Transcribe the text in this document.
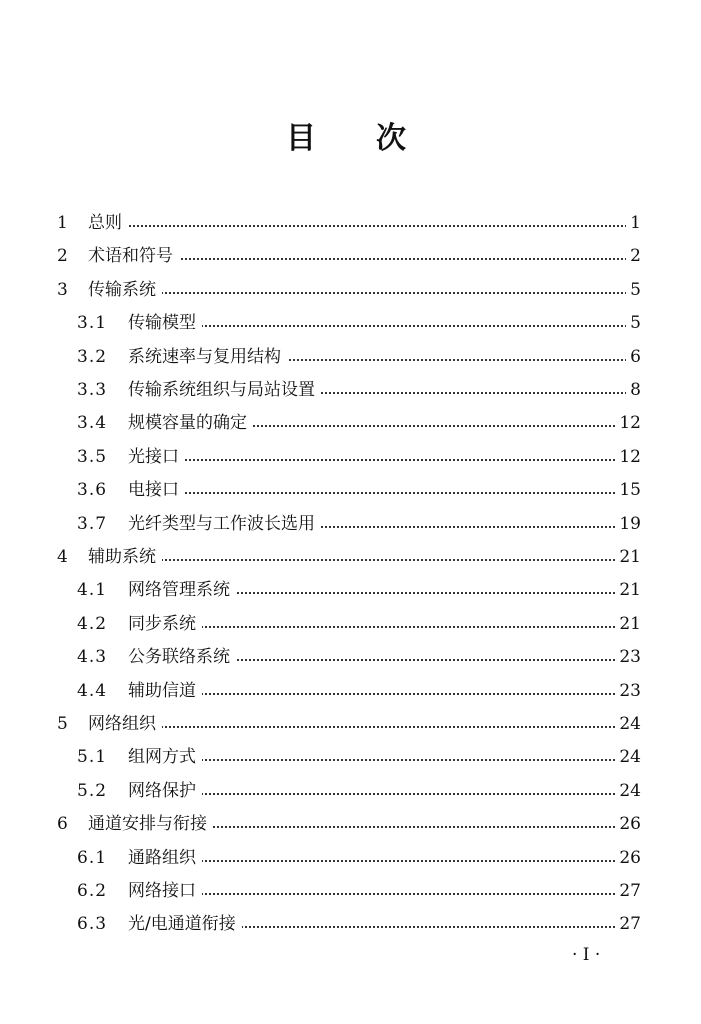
目 次
1 总则	1
2 术语和符号	2
3 传输系统	5
3.1 传输模型	5
3.2 系统速率与复用结构	6
3.3 传输系统组织与局站设置	8
3.4 规模容量的确定	12
3.5 光接口	12
3.6 电接口	15
3.7 光纤类型与工作波长选用	19
4 辅助系统	21
4.1 网络管理系统	21
4.2 同步系统	21
4.3 公务联络系统	23
4.4 辅助信道	23
5 网络组织	24
5.1 组网方式	24
5.2 网络保护	24
6 通道安排与衔接	26
6.1 通路组织	26
6.2 网络接口	27
6.3 光/电通道衔接	27
· I ·
